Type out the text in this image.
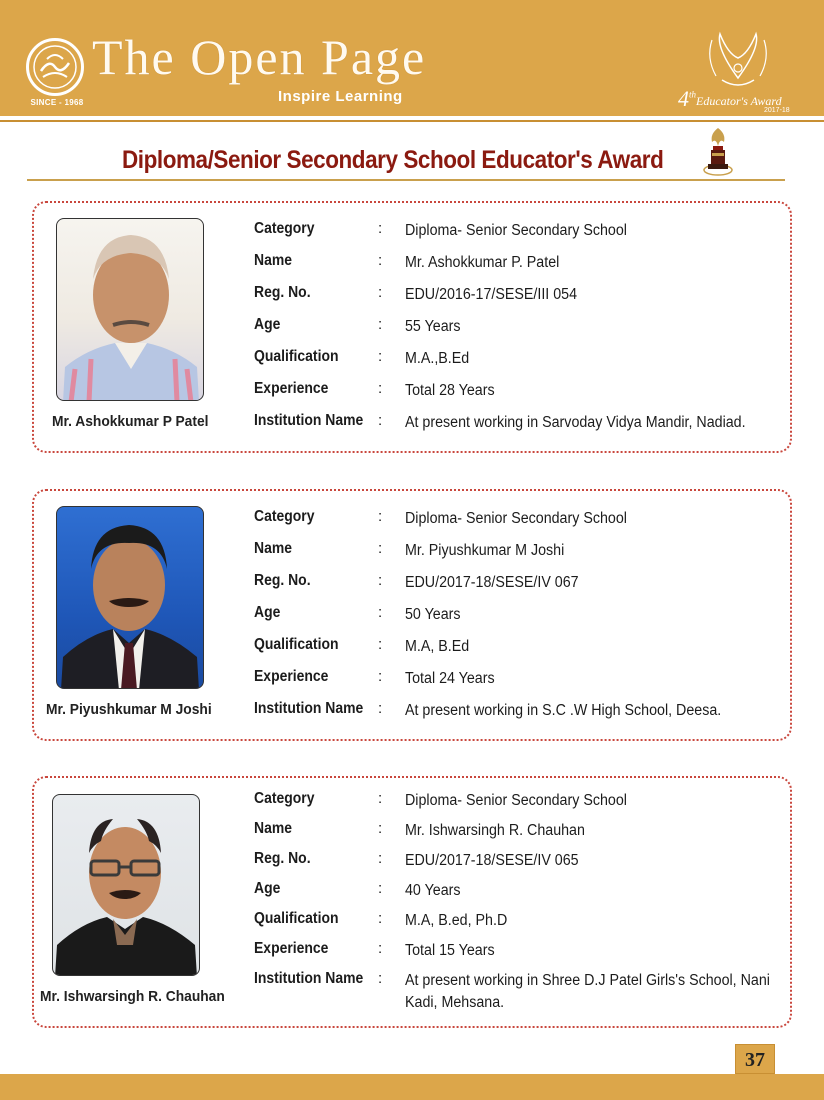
SINCE - 1968
The Open Page
Inspire Learning	4th Educator's Award
2017-18
Diploma/Senior Secondary School Educator's Award
Mr. Ashokkumar P Patel
Category	: Diploma- Senior Secondary School
Name	: Mr. Ashokkumar P. Patel
Reg. No.	: EDU/2016-17/SESE/III 054
Age	: 55 Years
Qualification	: M.A.,B.Ed
Experience	: Total 28 Years
Institution Name : At present working in Sarvoday Vidya Mandir, Nadiad.
Mr. Piyushkumar M Joshi
Category	: Diploma- Senior Secondary School
Name	: Mr. Piyushkumar M Joshi
Reg. No.	: EDU/2017-18/SESE/IV 067
Age	: 50 Years
Qualification	: M.A, B.Ed
Experience	: Total 24 Years
Institution Name : At present working in S.C .W High School, Deesa.
Mr. Ishwarsingh R. Chauhan
Category	: Diploma- Senior Secondary School
Name	: Mr. Ishwarsingh R. Chauhan
Reg. No.	: EDU/2017-18/SESE/IV 065
Age	: 40 Years
Qualification	: M.A, B.ed, Ph.D
Experience	: Total 15 Years
Institution Name : At present working in Shree D.J Patel Girls's School, Nani Kadi, Mehsana.
37
